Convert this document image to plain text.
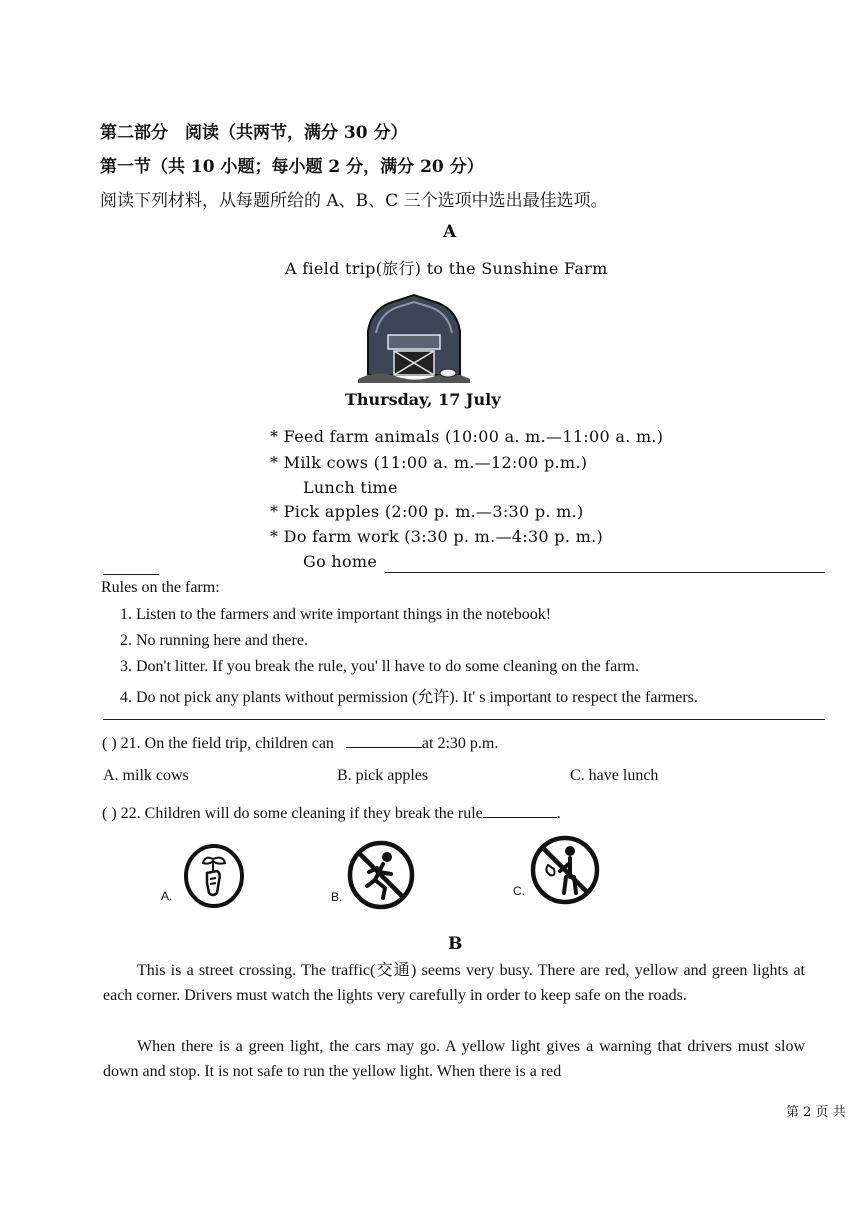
第二部分　阅读（共两节，满分 30 分）
第一节（共 10 小题；每小题 2 分，满分 20 分）
阅读下列材料，从每题所给的 A、B、C 三个选项中选出最佳选项。
A
A field trip(旅行) to the Sunshine Farm
Thursday, 17 July
* Feed farm animals (10:00 a. m.—11:00 a. m.)
* Milk cows (11:00 a. m.—12:00 p.m.)
Lunch time
* Pick apples (2:00 p. m.—3:30 p. m.)
* Do farm work (3:30 p. m.—4:30 p. m.)
Go home
Rules on the farm:
1. Listen to the farmers and write important things in the notebook!
2. No running here and there.
3. Don't litter. If you break the rule, you' ll have to do some cleaning on the farm.
4. Do not pick any plants without permission (允许). It' s important to respect the farmers.
( ) 21. On the field trip, children can	at 2:30 p.m.
A. milk cows	B. pick apples	C. have lunch
( ) 22. Children will do some cleaning if they break the rule	.
A.	B.	C.
B
This is a street crossing. The traffic(交通) seems very busy. There are red, yellow and green lights at each corner. Drivers must watch the lights very carefully in order to keep safe on the roads.
When there is a green light, the cars may go. A yellow light gives a warning that drivers must slow down and stop. It is not safe to run the yellow light. When there is a red
第 2 页 共
